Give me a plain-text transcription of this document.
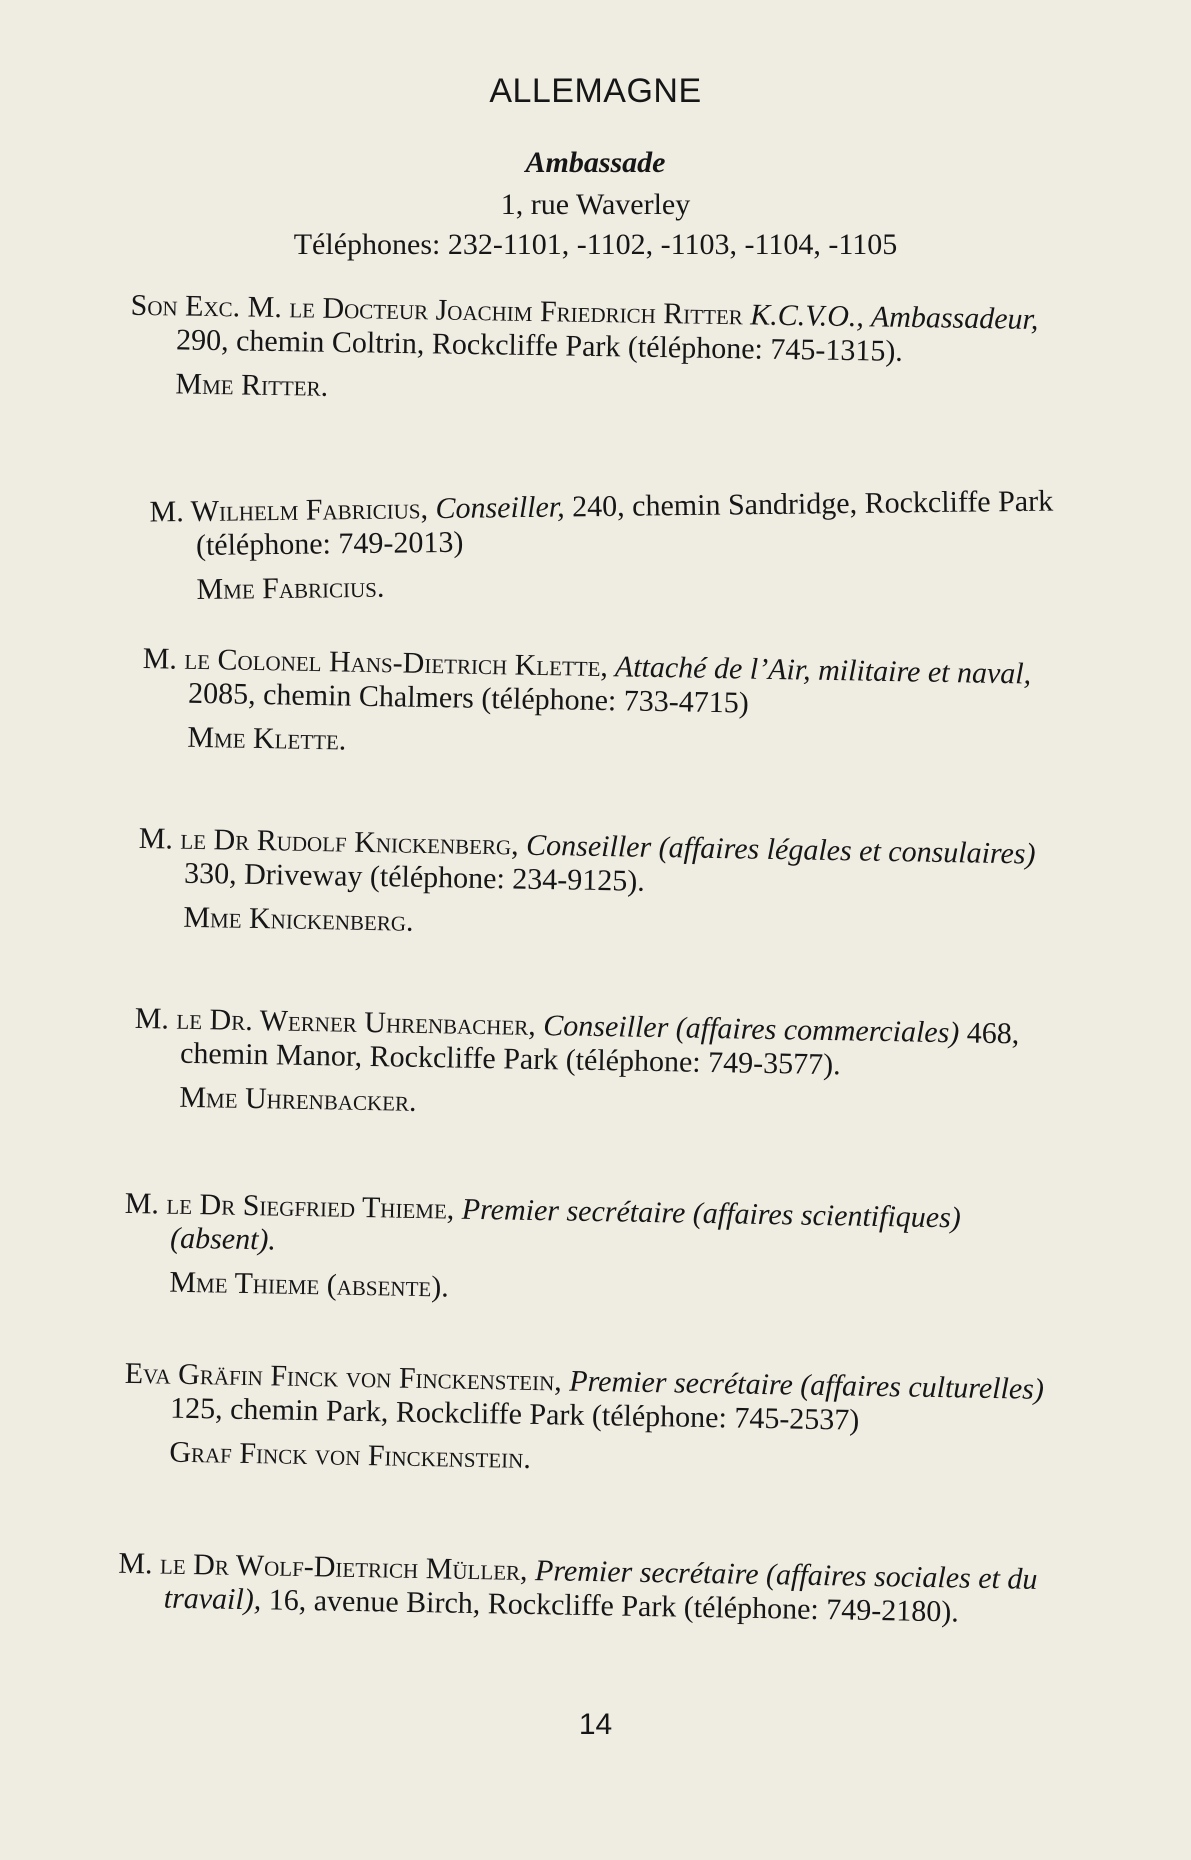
ALLEMAGNE
Ambassade
1, rue Waverley
Téléphones: 232-1101, -1102, -1103, -1104, -1105
Son Exc. M. le Docteur Joachim Friedrich Ritter K.C.V.O., Ambassadeur, 290, chemin Coltrin, Rockcliffe Park (téléphone: 745-1315).
Mme Ritter.
M. Wilhelm Fabricius, Conseiller, 240, chemin Sandridge, Rockcliffe Park (téléphone: 749-2013)
Mme Fabricius.
M. le Colonel Hans-Dietrich Klette, Attaché de l’Air, militaire et naval, 2085, chemin Chalmers (téléphone: 733-4715)
Mme Klette.
M. le Dr Rudolf Knickenberg, Conseiller (affaires légales et consulaires) 330, Driveway (téléphone: 234-9125).
Mme Knickenberg.
M. le Dr. Werner Uhrenbacher, Conseiller (affaires commerciales) 468, chemin Manor, Rockcliffe Park (téléphone: 749-3577).
Mme Uhrenbacker.
M. le Dr Siegfried Thieme, Premier secrétaire (affaires scientifiques) (absent).
Mme Thieme (absente).
Eva Gräfin Finck von Finckenstein, Premier secrétaire (affaires culturelles) 125, chemin Park, Rockcliffe Park (téléphone: 745-2537)
Graf Finck von Finckenstein.
M. le Dr Wolf-Dietrich Müller, Premier secrétaire (affaires sociales et du travail), 16, avenue Birch, Rockcliffe Park (téléphone: 749-2180).
14
